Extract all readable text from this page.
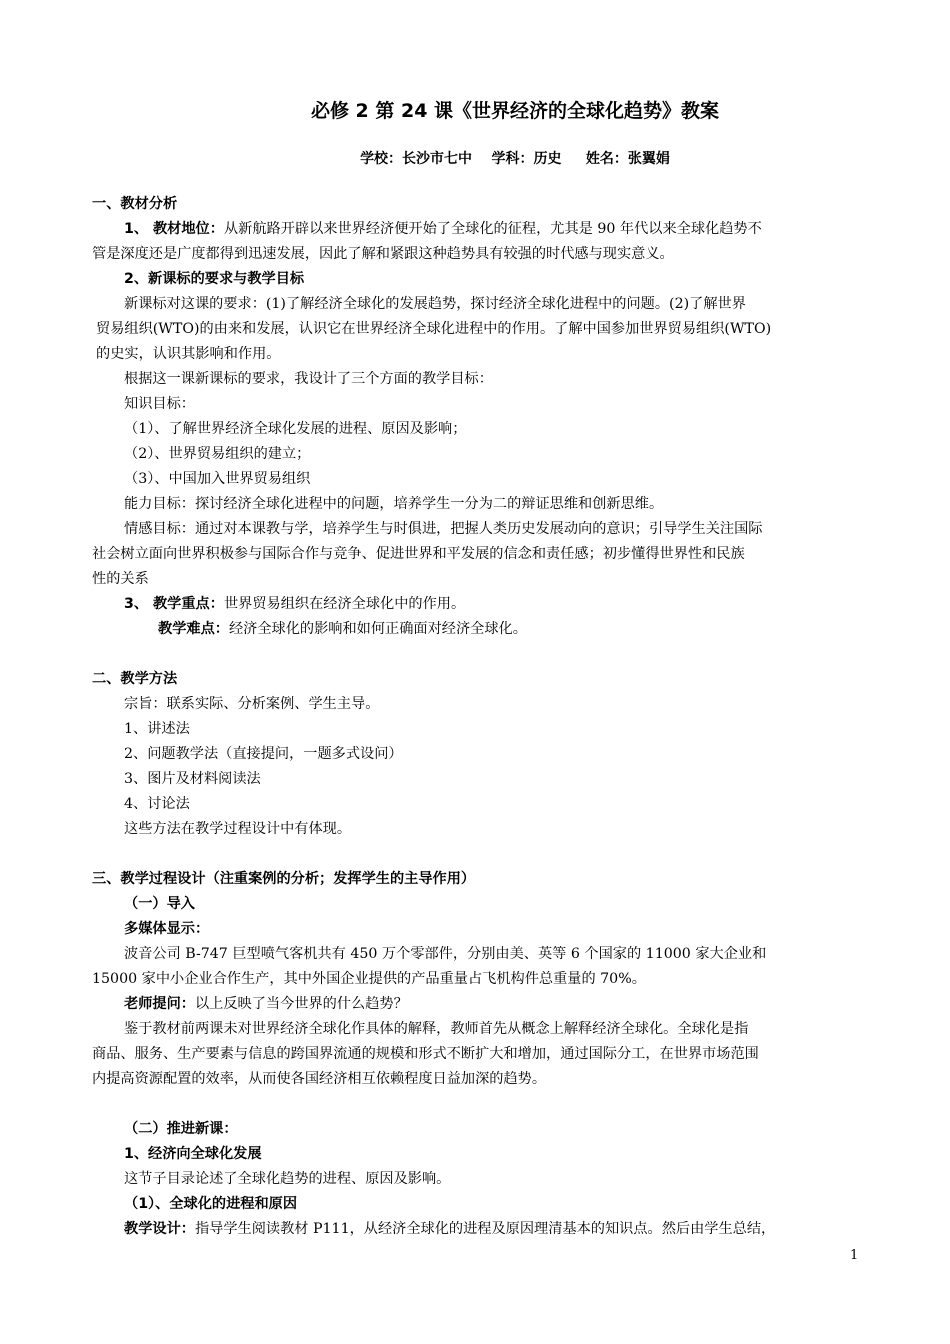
必修 2 第 24 课《世界经济的全球化趋势》教案
学校：长沙市七中    学科：历史     姓名：张翼娟
一、教材分析
1、 教材地位：从新航路开辟以来世界经济便开始了全球化的征程，尤其是 90 年代以来全球化趋势不
管是深度还是广度都得到迅速发展，因此了解和紧跟这种趋势具有较强的时代感与现实意义。
2、新课标的要求与教学目标
新课标对这课的要求：(1)了解经济全球化的发展趋势，探讨经济全球化进程中的问题。(2)了解世界
贸易组织(WTO)的由来和发展，认识它在世界经济全球化进程中的作用。了解中国参加世界贸易组织(WTO)
的史实，认识其影响和作用。
根据这一课新课标的要求，我设计了三个方面的教学目标：
知识目标：
（1）、了解世界经济全球化发展的进程、原因及影响；
（2）、世界贸易组织的建立；
（3）、中国加入世界贸易组织
能力目标：探讨经济全球化进程中的问题，培养学生一分为二的辩证思维和创新思维。
情感目标：通过对本课教与学，培养学生与时俱进，把握人类历史发展动向的意识；引导学生关注国际
社会树立面向世界积极参与国际合作与竞争、促进世界和平发展的信念和责任感；初步懂得世界性和民族
性的关系
3、 教学重点：世界贸易组织在经济全球化中的作用。
教学难点：经济全球化的影响和如何正确面对经济全球化。
二、教学方法
宗旨：联系实际、分析案例、学生主导。
1、讲述法
2、问题教学法（直接提问，一题多式设问）
3、图片及材料阅读法
4、讨论法
这些方法在教学过程设计中有体现。
三、教学过程设计（注重案例的分析；发挥学生的主导作用）
（一）导入
多媒体显示：
波音公司 B-747 巨型喷气客机共有 450 万个零部件，分别由美、英等 6 个国家的 11000 家大企业和
15000 家中小企业合作生产，其中外国企业提供的产品重量占飞机构件总重量的 70%。
老师提问：以上反映了当今世界的什么趋势？
鉴于教材前两课未对世界经济全球化作具体的解释，教师首先从概念上解释经济全球化。全球化是指
商品、服务、生产要素与信息的跨国界流通的规模和形式不断扩大和增加，通过国际分工，在世界市场范围
内提高资源配置的效率，从而使各国经济相互依赖程度日益加深的趋势。
（二）推进新课：
1、经济向全球化发展
这节子目录论述了全球化趋势的进程、原因及影响。
（1）、全球化的进程和原因
教学设计：指导学生阅读教材 P111，从经济全球化的进程及原因理清基本的知识点。然后由学生总结，
1
